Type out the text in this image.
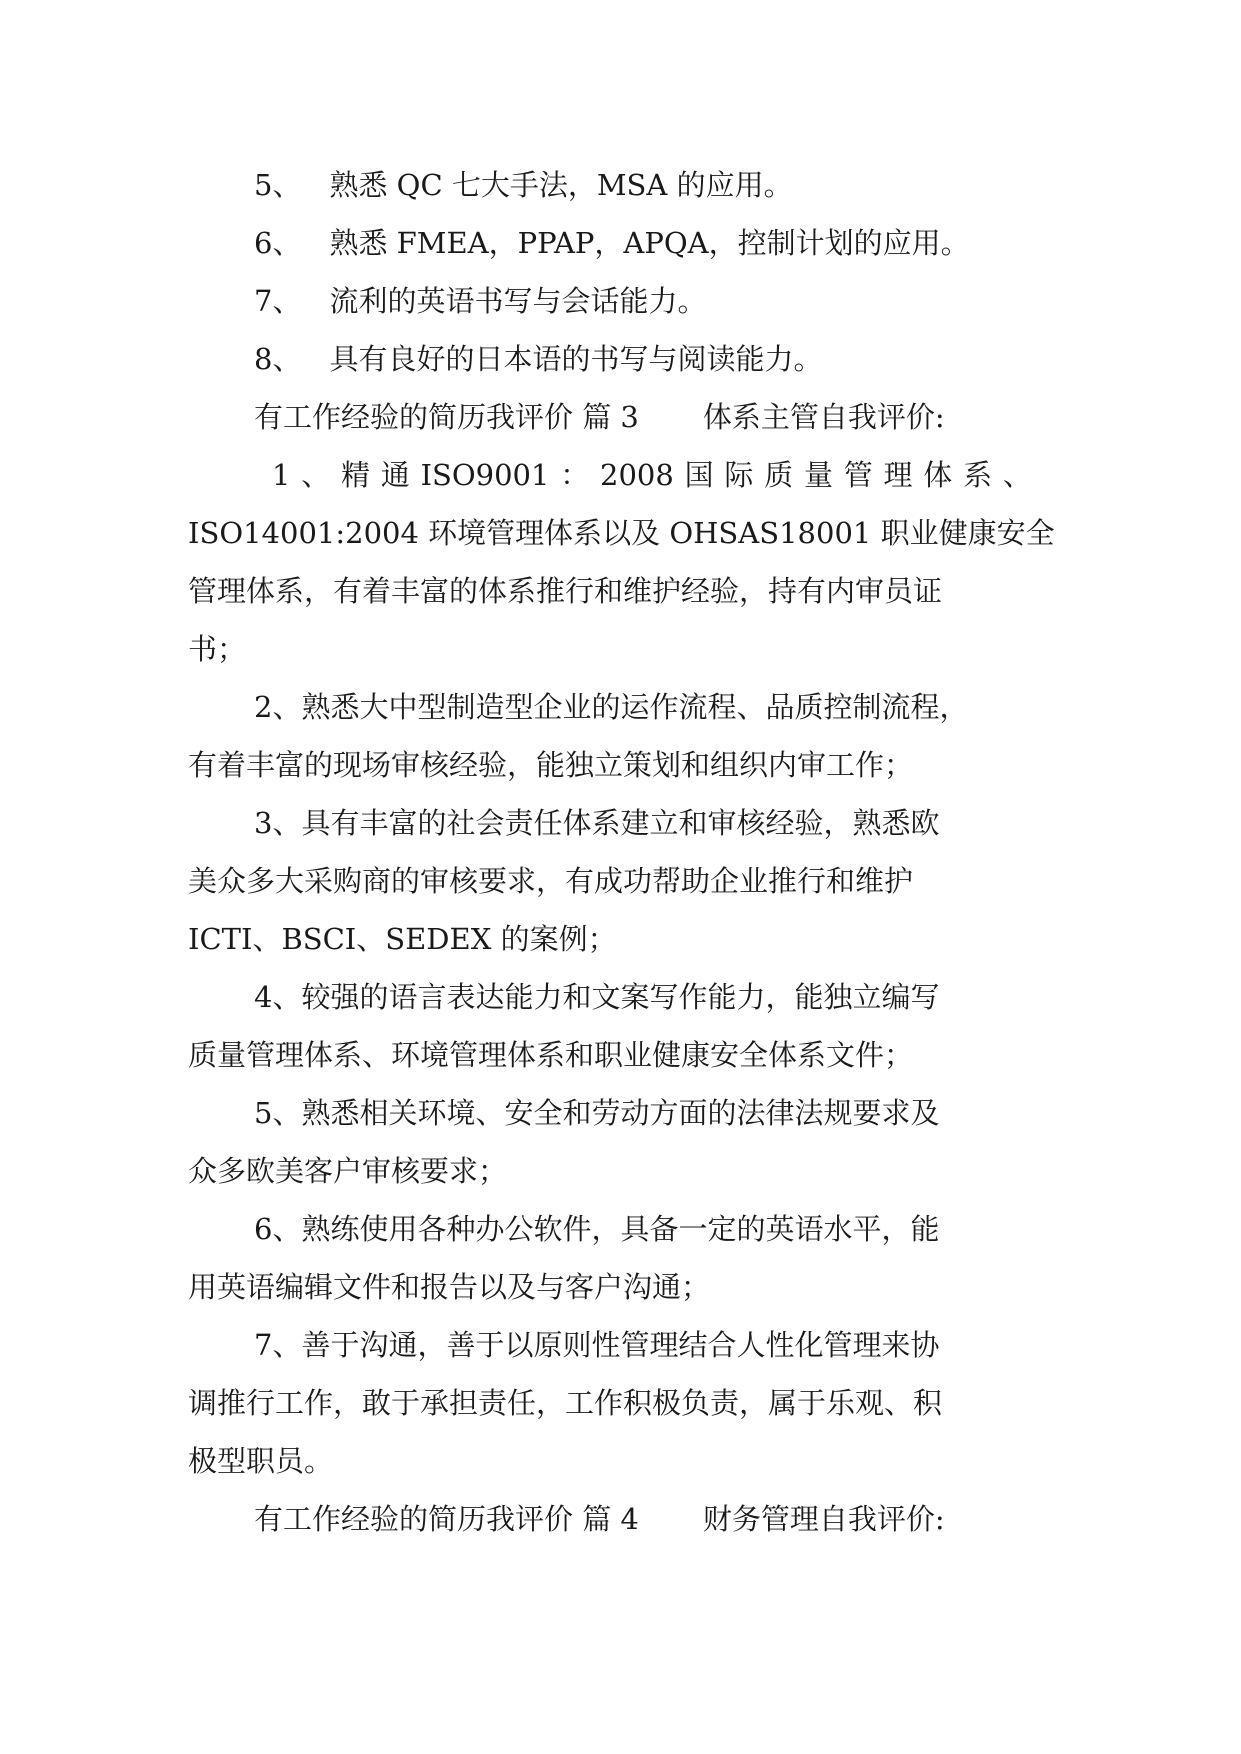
5、 熟悉 QC 七大手法，MSA 的应用。
6、 熟悉 FMEA，PPAP，APQA，控制计划的应用。
7、 流利的英语书写与会话能力。
8、 具有良好的日本语的书写与阅读能力。
有工作经验的简历我评价 篇 3 体系主管自我评价:
1 、 精 通 ISO9001 ： 2008 国 际 质 量 管 理 体 系 、
ISO14001:2004 环境管理体系以及 OHSAS18001 职业健康安全
管理体系，有着丰富的体系推行和维护经验，持有内审员证
书；
2、熟悉大中型制造型企业的运作流程、品质控制流程，
有着丰富的现场审核经验，能独立策划和组织内审工作；
3、具有丰富的社会责任体系建立和审核经验，熟悉欧
美众多大采购商的审核要求，有成功帮助企业推行和维护
ICTI、BSCI、SEDEX 的案例；
4、较强的语言表达能力和文案写作能力，能独立编写
质量管理体系、环境管理体系和职业健康安全体系文件；
5、熟悉相关环境、安全和劳动方面的法律法规要求及
众多欧美客户审核要求；
6、熟练使用各种办公软件，具备一定的英语水平，能
用英语编辑文件和报告以及与客户沟通；
7、善于沟通，善于以原则性管理结合人性化管理来协
调推行工作，敢于承担责任，工作积极负责，属于乐观、积
极型职员。
有工作经验的简历我评价 篇 4 财务管理自我评价:
